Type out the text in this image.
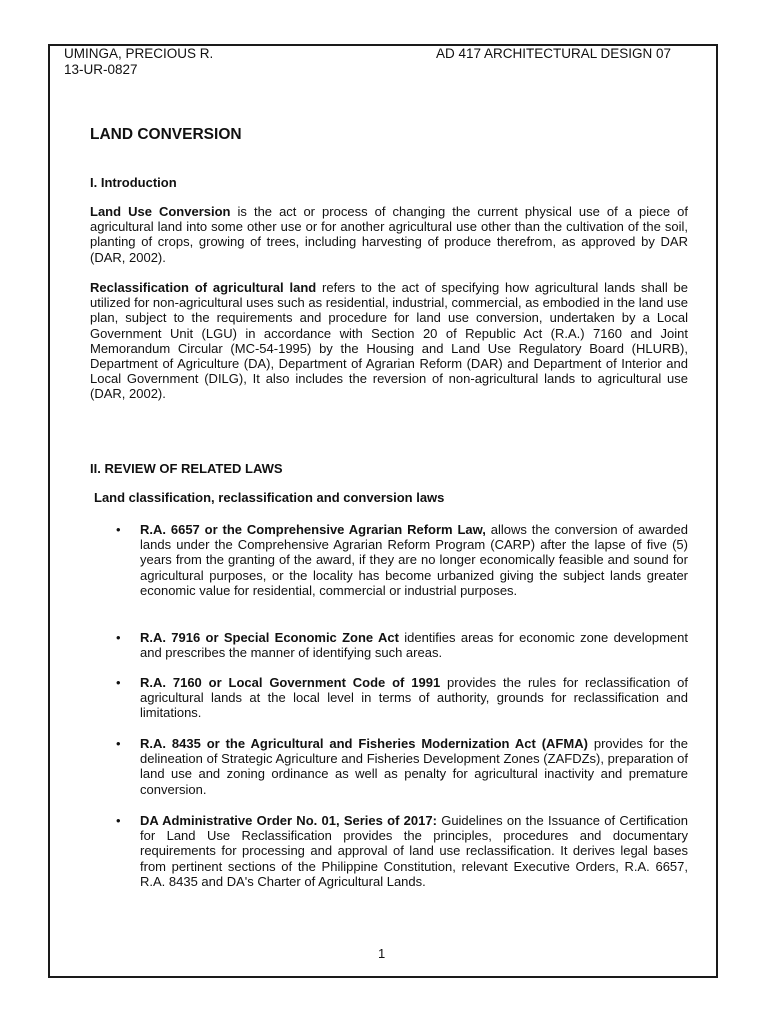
UMINGA, PRECIOUS R.
13-UR-0827
AD 417 ARCHITECTURAL DESIGN 07
LAND CONVERSION
I. Introduction

Land Use Conversion is the act or process of changing the current physical use of a piece of agricultural land into some other use or for another agricultural use other than the cultivation of the soil, planting of crops, growing of trees, including harvesting of produce therefrom, as approved by DAR (DAR, 2002).

Reclassification of agricultural land refers to the act of specifying how agricultural lands shall be utilized for non-agricultural uses such as residential, industrial, commercial, as embodied in the land use plan, subject to the requirements and procedure for land use conversion, undertaken by a Local Government Unit (LGU) in accordance with Section 20 of Republic Act (R.A.) 7160 and Joint Memorandum Circular (MC-54-1995) by the Housing and Land Use Regulatory Board (HLURB), Department of Agriculture (DA), Department of Agrarian Reform (DAR) and Department of Interior and Local Government (DILG), It also includes the reversion of non-agricultural lands to agricultural use (DAR, 2002).

II. REVIEW OF RELATED LAWS
Land classification, reclassification and conversion laws
• R.A. 6657 or the Comprehensive Agrarian Reform Law, allows the conversion of awarded lands under the Comprehensive Agrarian Reform Program (CARP) after the lapse of five (5) years from the granting of the award, if they are no longer economically feasible and sound for agricultural purposes, or the locality has become urbanized giving the subject lands greater economic value for residential, commercial or industrial purposes.

• R.A. 7916 or Special Economic Zone Act identifies areas for economic zone development and prescribes the manner of identifying such areas.

• R.A. 7160 or Local Government Code of 1991 provides the rules for reclassification of agricultural lands at the local level in terms of authority, grounds for reclassification and limitations.

• R.A. 8435 or the Agricultural and Fisheries Modernization Act (AFMA) provides for the delineation of Strategic Agriculture and Fisheries Development Zones (ZAFDZs), preparation of land use and zoning ordinance as well as penalty for agricultural inactivity and premature conversion.

• DA Administrative Order No. 01, Series of 2017: Guidelines on the Issuance of Certification for Land Use Reclassification provides the principles, procedures and documentary requirements for processing and approval of land use reclassification. It derives legal bases from pertinent sections of the Philippine Constitution, relevant Executive Orders, R.A. 6657, R.A. 8435 and DA's Charter of Agricultural Lands.

1
